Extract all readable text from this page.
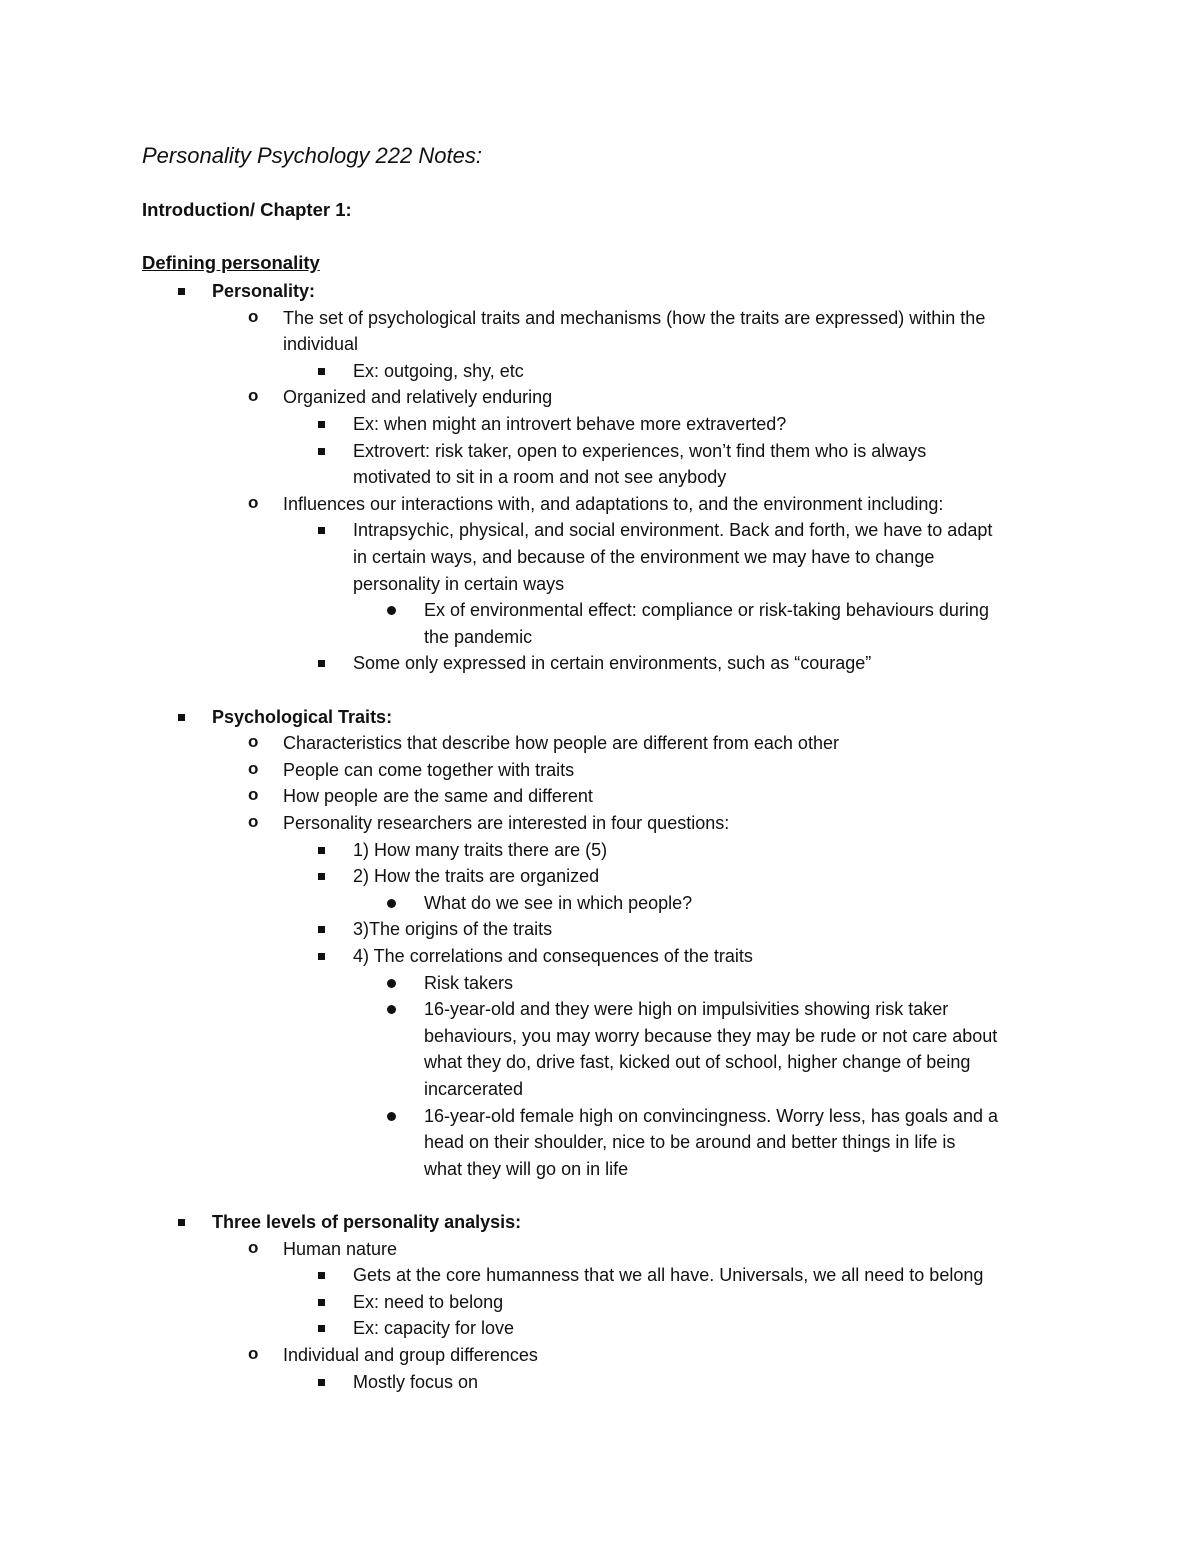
Personality Psychology 222 Notes:
Introduction/ Chapter 1:
Defining personality
Personality:
o The set of psychological traits and mechanisms (how the traits are expressed) within the
individual
Ex: outgoing, shy, etc
o Organized and relatively enduring
Ex: when might an introvert behave more extraverted?
Extrovert: risk taker, open to experiences, won’t find them who is always
motivated to sit in a room and not see anybody
o Influences our interactions with, and adaptations to, and the environment including:
Intrapsychic, physical, and social environment. Back and forth, we have to adapt
in certain ways, and because of the environment we may have to change
personality in certain ways
Ex of environmental effect: compliance or risk-taking behaviours during
the pandemic
Some only expressed in certain environments, such as “courage”
Psychological Traits:
o Characteristics that describe how people are different from each other
o People can come together with traits
o How people are the same and different
o Personality researchers are interested in four questions:
1) How many traits there are (5)
2) How the traits are organized
What do we see in which people?
3)The origins of the traits
4) The correlations and consequences of the traits
Risk takers
16-year-old and they were high on impulsivities showing risk taker
behaviours, you may worry because they may be rude or not care about
what they do, drive fast, kicked out of school, higher change of being
incarcerated
16-year-old female high on convincingness. Worry less, has goals and a
head on their shoulder, nice to be around and better things in life is
what they will go on in life
Three levels of personality analysis:
o Human nature
Gets at the core humanness that we all have. Universals, we all need to belong
Ex: need to belong
Ex: capacity for love
o Individual and group differences
Mostly focus on
